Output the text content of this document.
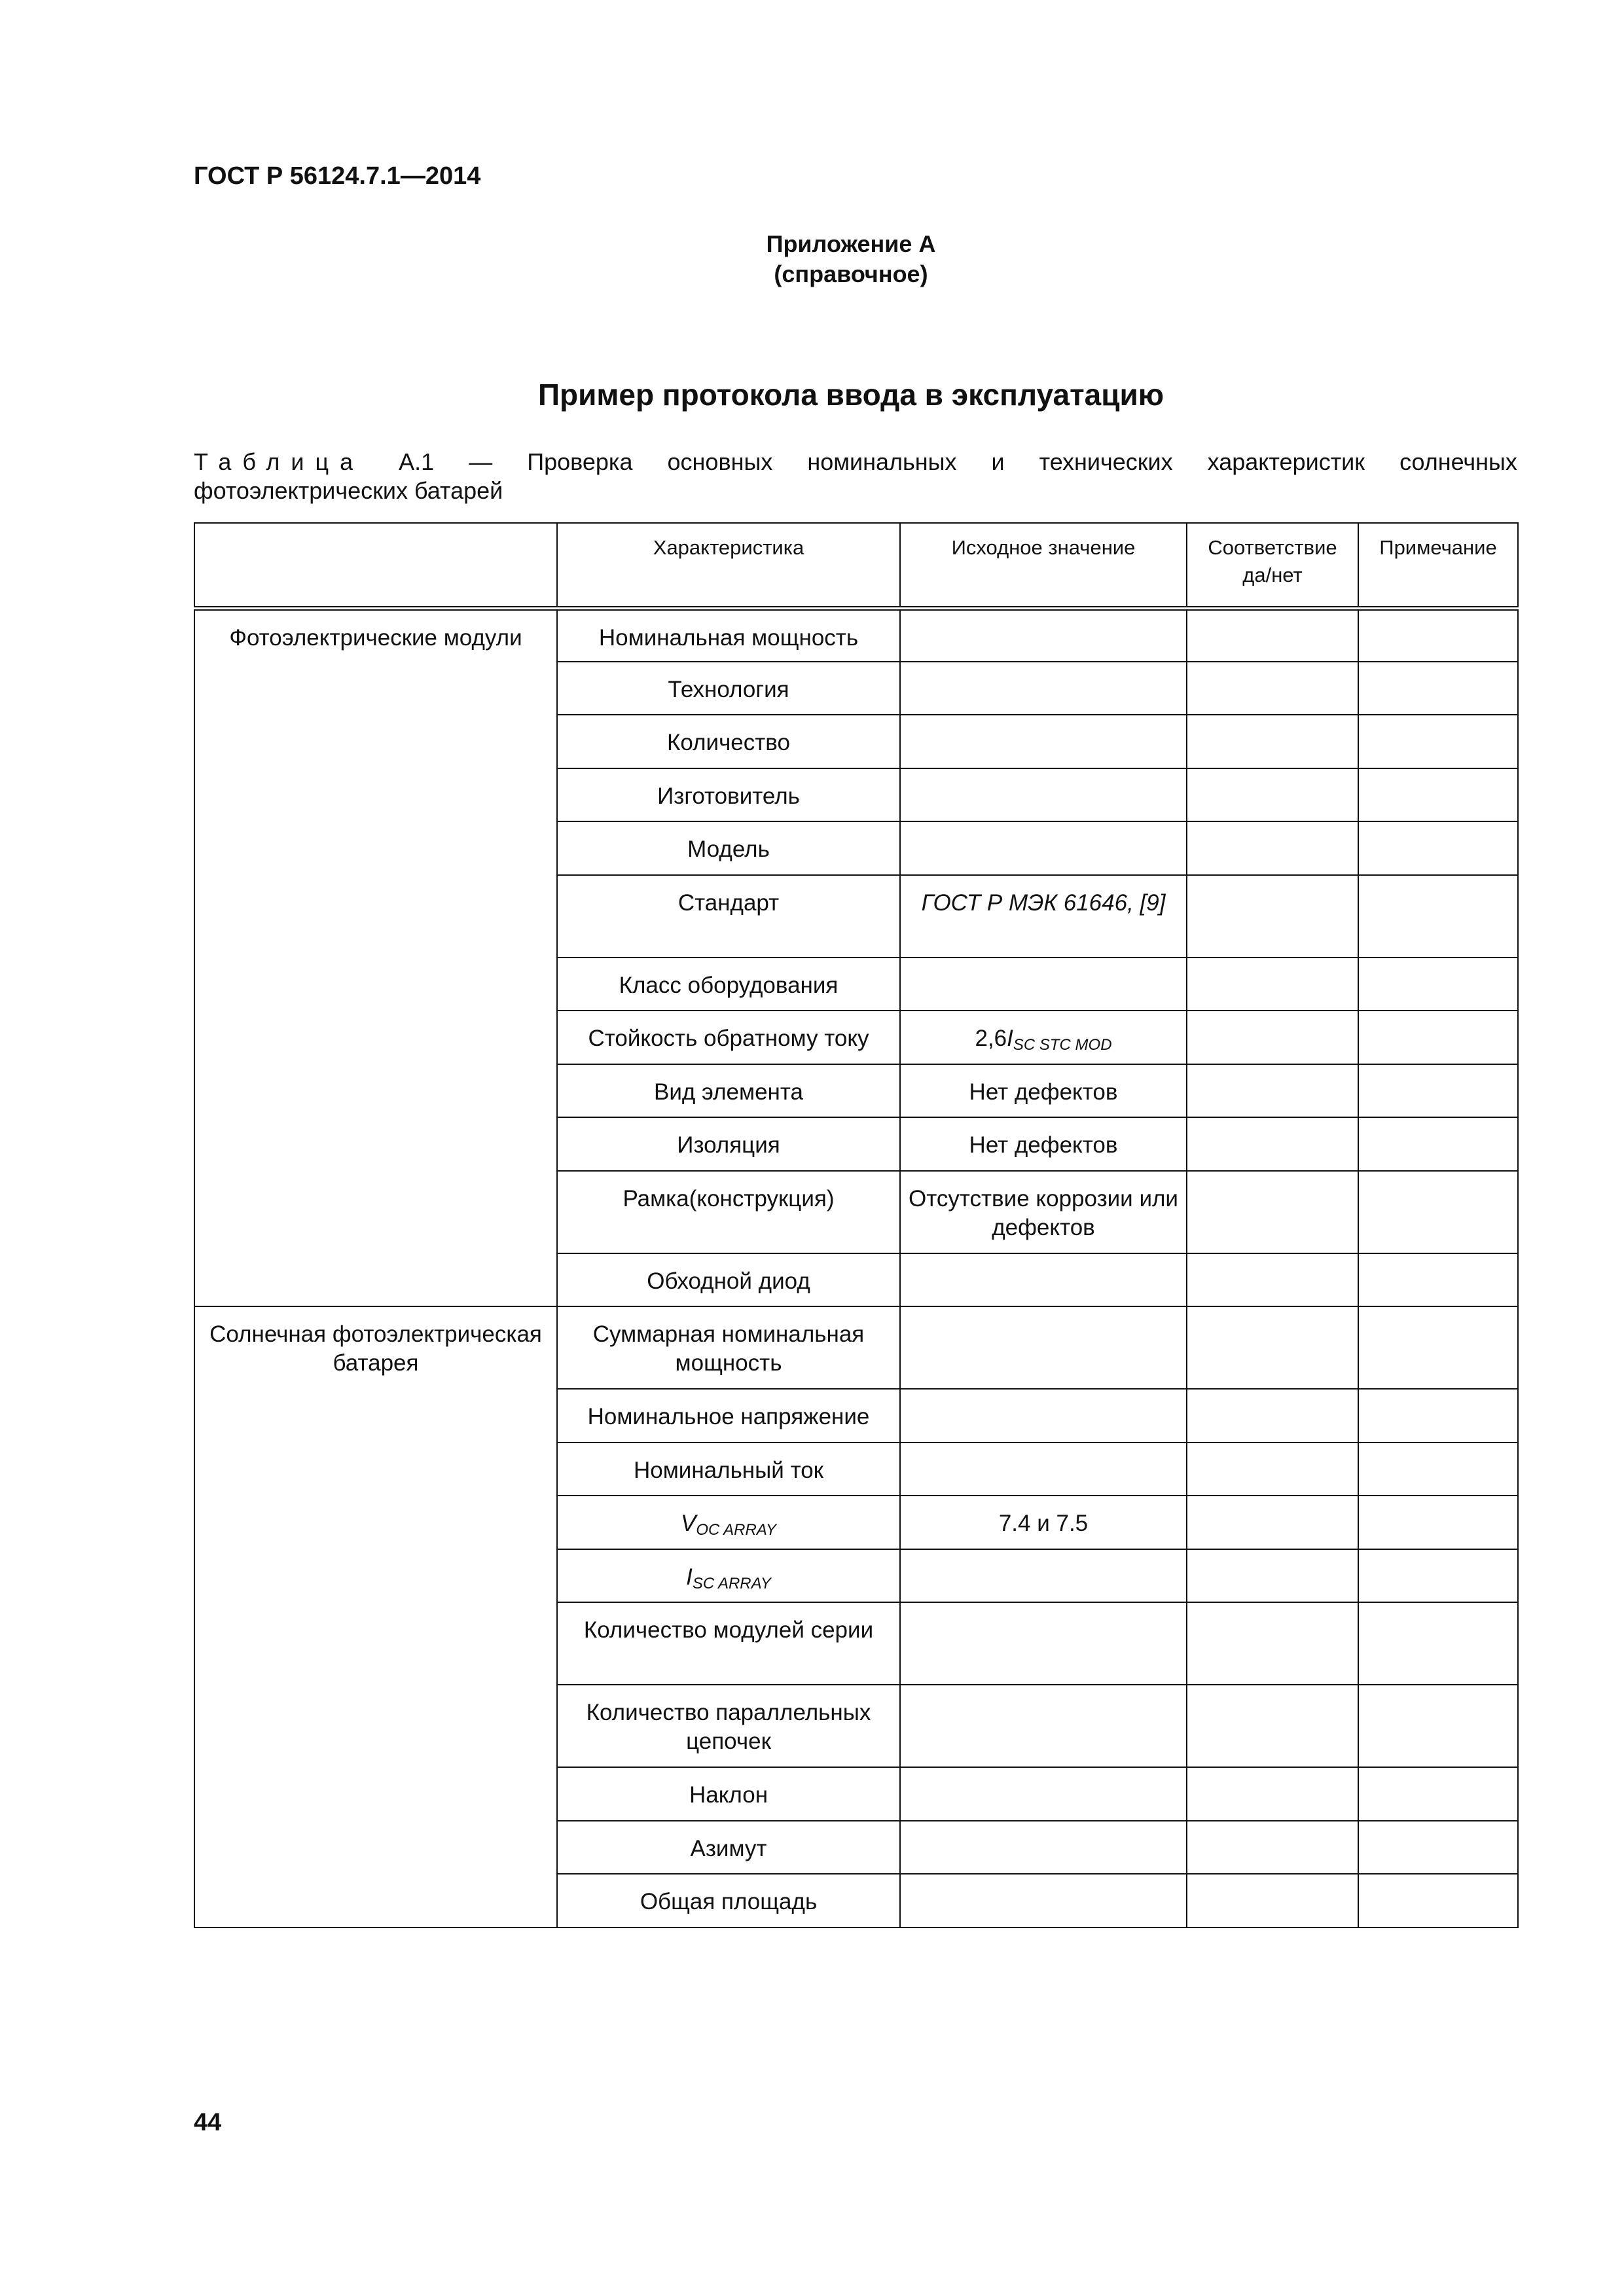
ГОСТ Р 56124.7.1—2014
Приложение А
(справочное)
Пример протокола ввода в эксплуатацию
Таблица А.1 — Проверка основных номинальных и технических характеристик солнечных
фотоэлектрических батарей
	Характеристика	Исходное значение	Соответствие да/нет	Примечание
Фотоэлектрические модули	Номинальная мощность			
	Технология			
	Количество			
	Изготовитель			
	Модель			
	Стандарт	ГОСТ Р МЭК 61646, [9]		
	Класс оборудования			
	Стойкость обратному току	$2,6I_{SC STC MOD}$		
	Вид элемента	Нет дефектов		
	Изоляция	Нет дефектов		
	Рамка(конструкция)	Отсутствие коррозии или дефектов		
	Обходной диод			
Солнечная фотоэлектрическая батарея	Суммарная номинальная мощность			
	Номинальное напряжение			
	Номинальный ток			
	$V_{OC ARRAY}$	7.4 и 7.5		
	$I_{SC ARRAY}$			
	Количество модулей серии			
	Количество параллельных цепочек			
	Наклон			
	Азимут			
	Общая площадь			
44
